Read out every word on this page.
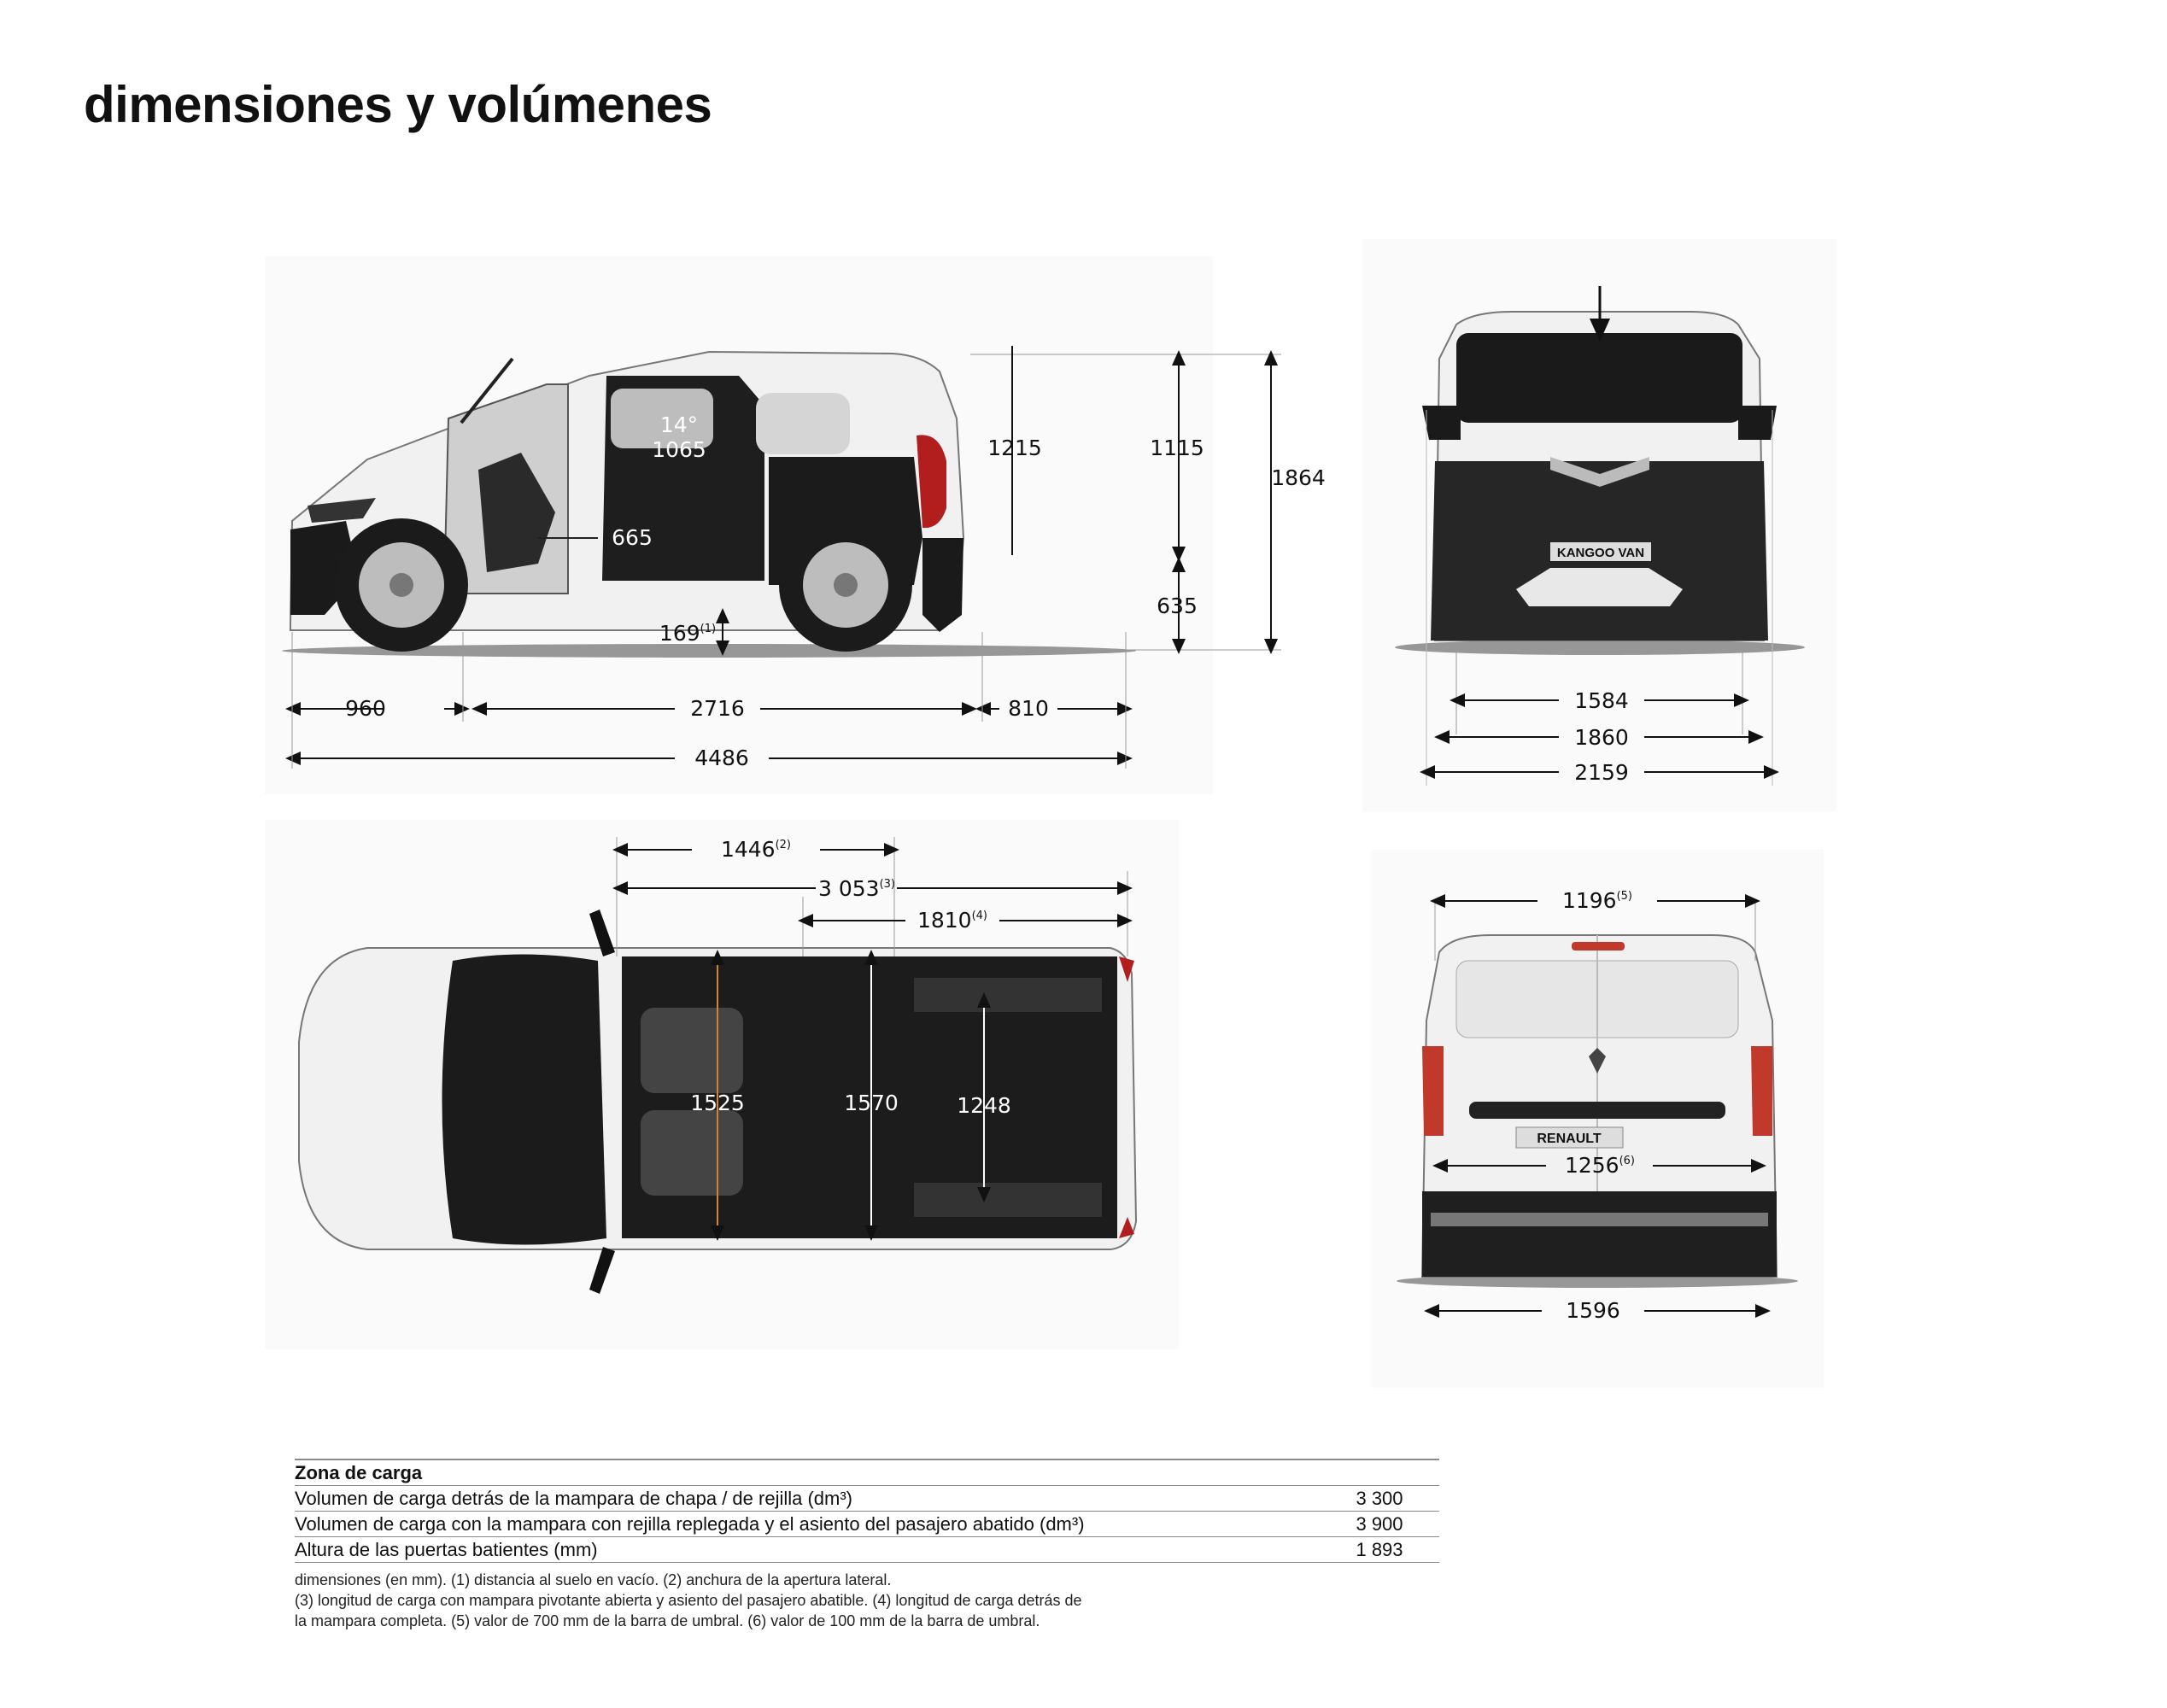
dimensiones y volúmenes
960	2716	810
4486
1864
1115
635
1215
14°
1065
665
169$^{(1)}$
KANGOO VAN
1584
1860
2159
1446$^{(2)}$
3 053$^{(3)}$
1810$^{(4)}$
1525	1570	1248
RENAULT
1196$^{(5)}$
1256$^{(6)}$
1596
Zona de carga	
Volumen de carga detrás de la mampara de chapa / de rejilla (dm³)	3 300
Volumen de carga con la mampara con rejilla replegada y el asiento del pasajero abatido (dm³)	3 900
Altura de las puertas batientes (mm)	1 893

dimensiones (en mm). (1) distancia al suelo en vacío. (2) anchura de la apertura lateral.

(3) longitud de carga con mampara pivotante abierta y asiento del pasajero abatible. (4) longitud de carga detrás de

la mampara completa. (5) valor de 700 mm de la barra de umbral. (6) valor de 100 mm de la barra de umbral.
